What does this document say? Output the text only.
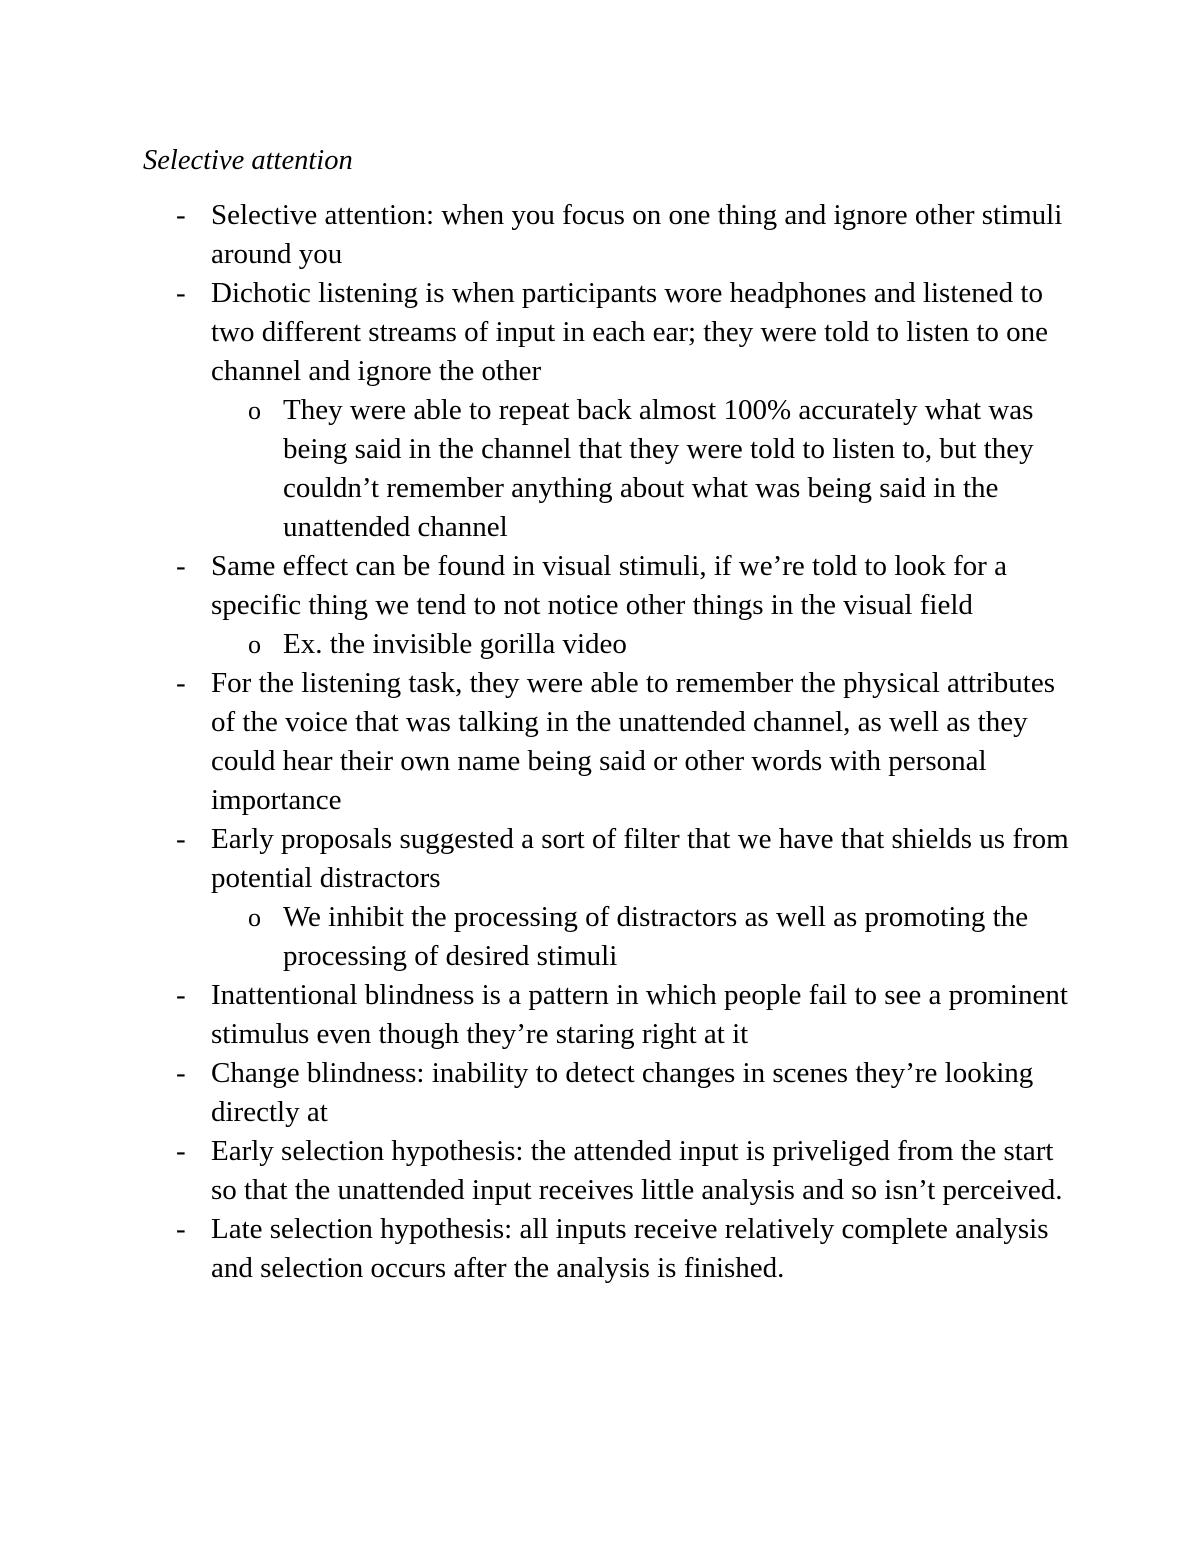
Selective attention
- Selective attention: when you focus on one thing and ignore other stimuli around you
- Dichotic listening is when participants wore headphones and listened to two different streams of input in each ear; they were told to listen to one channel and ignore the other
o They were able to repeat back almost 100% accurately what was being said in the channel that they were told to listen to, but they couldn’t remember anything about what was being said in the unattended channel
- Same effect can be found in visual stimuli, if we’re told to look for a specific thing we tend to not notice other things in the visual field
o Ex. the invisible gorilla video
- For the listening task, they were able to remember the physical attributes of the voice that was talking in the unattended channel, as well as they could hear their own name being said or other words with personal importance
- Early proposals suggested a sort of filter that we have that shields us from potential distractors
o We inhibit the processing of distractors as well as promoting the processing of desired stimuli
- Inattentional blindness is a pattern in which people fail to see a prominent stimulus even though they’re staring right at it
- Change blindness: inability to detect changes in scenes they’re looking directly at
- Early selection hypothesis: the attended input is priveliged from the start so that the unattended input receives little analysis and so isn’t perceived.
- Late selection hypothesis: all inputs receive relatively complete analysis and selection occurs after the analysis is finished.
